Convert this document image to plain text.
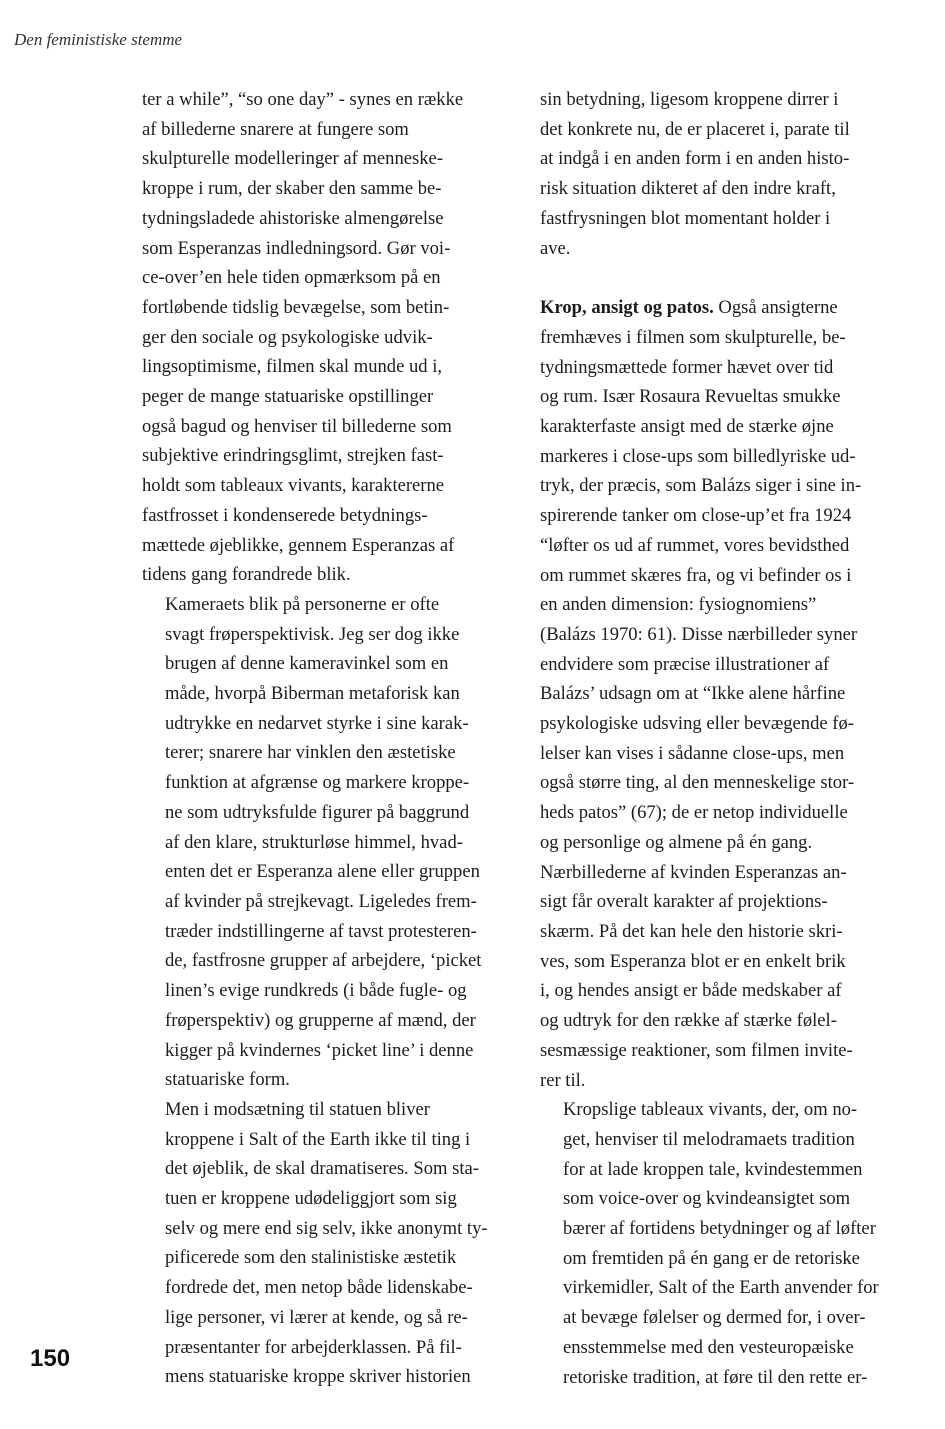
Den feministiske stemme

ter a while”, “so one day” - synes en række
af billederne snarere at fungere som
skulpturelle modelleringer af menneske-
kroppe i rum, der skaber den samme be-
tydningsladede ahistoriske almengørelse
som Esperanzas indledningsord. Gør voi-
ce-over’en hele tiden opmærksom på en
fortløbende tidslig bevægelse, som betin-
ger den sociale og psykologiske udvik-
lingsoptimisme, filmen skal munde ud i,
peger de mange statuariske opstillinger
også bagud og henviser til billederne som
subjektive erindringsglimt, strejken fast-
holdt som tableaux vivants, karaktererne
fastfrosset i kondenserede betydnings-
mættede øjeblikke, gennem Esperanzas af
tidens gang forandrede blik.

Kameraets blik på personerne er ofte
svagt frøperspektivisk. Jeg ser dog ikke
brugen af denne kameravinkel som en
måde, hvorpå Biberman metaforisk kan
udtrykke en nedarvet styrke i sine karak-
terer; snarere har vinklen den æstetiske
funktion at afgrænse og markere kroppe-
ne som udtryksfulde figurer på baggrund
af den klare, strukturløse himmel, hvad-
enten det er Esperanza alene eller gruppen
af kvinder på strejkevagt. Ligeledes frem-
træder indstillingerne af tavst protesteren-
de, fastfrosne grupper af arbejdere, ‘picket
linen’s evige rundkreds (i både fugle- og
frøperspektiv) og grupperne af mænd, der
kigger på kvindernes ‘picket line’ i denne
statuariske form.

Men i modsætning til statuen bliver
kroppene i Salt of the Earth ikke til ting i
det øjeblik, de skal dramatiseres. Som sta-
tuen er kroppene udødeliggjort som sig
selv og mere end sig selv, ikke anonymt ty-
pificerede som den stalinistiske æstetik
fordrede det, men netop både lidenskabe-
lige personer, vi lærer at kende, og så re-
præsentanter for arbejderklassen. På fil-
mens statuariske kroppe skriver historien

sin betydning, ligesom kroppene dirrer i
det konkrete nu, de er placeret i, parate til
at indgå i en anden form i en anden histo-
risk situation dikteret af den indre kraft,
fastfrysningen blot momentant holder i
ave.

Krop, ansigt og patos. Også ansigterne
fremhæves i filmen som skulpturelle, be-
tydningsmættede former hævet over tid
og rum. Især Rosaura Revueltas smukke
karakterfaste ansigt med de stærke øjne
markeres i close-ups som billedlyriske ud-
tryk, der præcis, som Balázs siger i sine in-
spirerende tanker om close-up’et fra 1924
“løfter os ud af rummet, vores bevidsthed
om rummet skæres fra, og vi befinder os i
en anden dimension: fysiognomiens”
(Balázs 1970: 61). Disse nærbilleder syner
endvidere som præcise illustrationer af
Balázs’ udsagn om at “Ikke alene hårfine
psykologiske udsving eller bevægende fø-
lelser kan vises i sådanne close-ups, men
også større ting, al den menneskelige stor-
heds patos” (67); de er netop individuelle
og personlige og almene på én gang.
Nærbillederne af kvinden Esperanzas an-
sigt får overalt karakter af projektions-
skærm. På det kan hele den historie skri-
ves, som Esperanza blot er en enkelt brik
i, og hendes ansigt er både medskaber af
og udtryk for den række af stærke følel-
sesmæssige reaktioner, som filmen invite-
rer til.

Kropslige tableaux vivants, der, om no-
get, henviser til melodramaets tradition
for at lade kroppen tale, kvindestemmen
som voice-over og kvindeansigtet som
bærer af fortidens betydninger og af løfter
om fremtiden på én gang er de retoriske
virkemidler, Salt of the Earth anvender for
at bevæge følelser og dermed for, i over-
ensstemmelse med den vesteuropæiske
retoriske tradition, at føre til den rette er-

150
